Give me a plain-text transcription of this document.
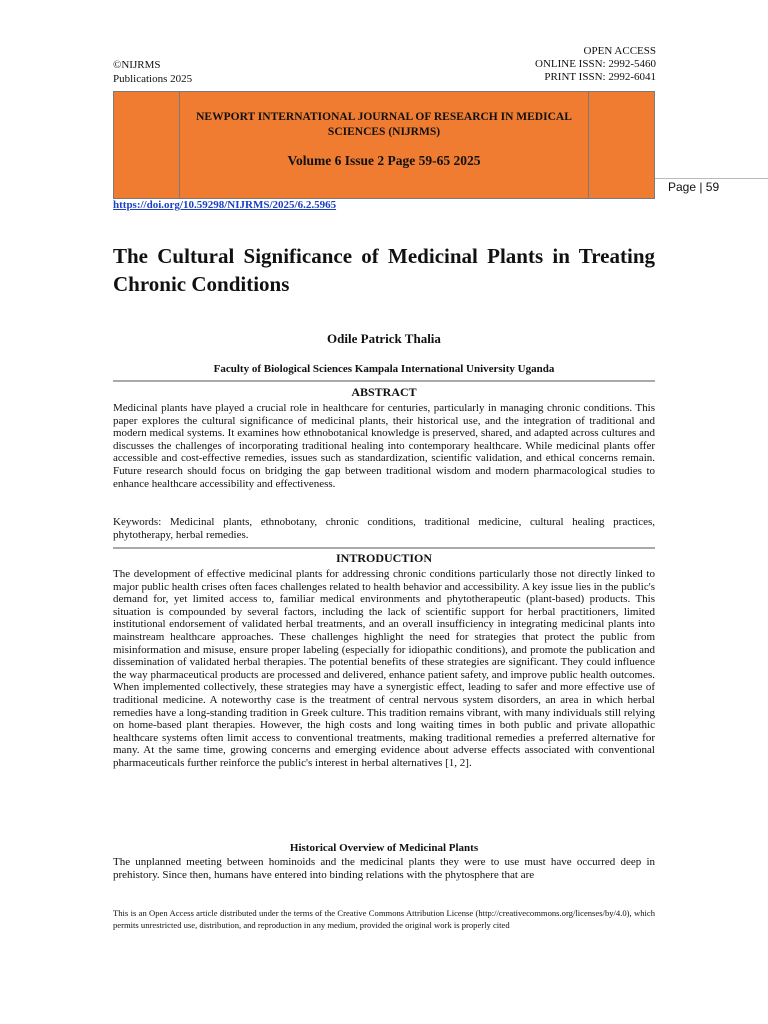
©NIJRMS
Publications 2025
OPEN ACCESS
ONLINE ISSN: 2992-5460
PRINT ISSN: 2992-6041
NEWPORT INTERNATIONAL JOURNAL OF RESEARCH IN MEDICAL SCIENCES (NIJRMS)
Volume 6 Issue 2 Page 59-65 2025
Page | 59
https://doi.org/10.59298/NIJRMS/2025/6.2.5965
The Cultural Significance of Medicinal Plants in Treating Chronic Conditions
Odile Patrick Thalia
Faculty of Biological Sciences Kampala International University Uganda
ABSTRACT

Medicinal plants have played a crucial role in healthcare for centuries, particularly in managing chronic conditions. This paper explores the cultural significance of medicinal plants, their historical use, and the integration of traditional and modern medical systems. It examines how ethnobotanical knowledge is preserved, shared, and adapted across cultures and discusses the challenges of incorporating traditional healing into contemporary healthcare. While medicinal plants offer accessible and cost-effective remedies, issues such as standardization, scientific validation, and ethical concerns remain. Future research should focus on bridging the gap between traditional wisdom and modern pharmacological studies to enhance healthcare accessibility and effectiveness.

Keywords: Medicinal plants, ethnobotany, chronic conditions, traditional medicine, cultural healing practices, phytotherapy, herbal remedies.

INTRODUCTION

The development of effective medicinal plants for addressing chronic conditions particularly those not directly linked to major public health crises often faces challenges related to health behavior and accessibility. A key issue lies in the public's demand for, yet limited access to, familiar medical environments and phytotherapeutic (plant-based) products. This situation is compounded by several factors, including the lack of scientific support for herbal practitioners, limited institutional endorsement of validated herbal treatments, and an overall insufficiency in integrating medicinal plants into mainstream healthcare approaches. These challenges highlight the need for strategies that protect the public from misinformation and misuse, ensure proper labeling (especially for idiopathic conditions), and promote the publication and dissemination of validated herbal therapies. The potential benefits of these strategies are significant. They could influence the way pharmaceutical products are processed and delivered, enhance patient safety, and improve public health outcomes. When implemented collectively, these strategies may have a synergistic effect, leading to safer and more effective use of traditional medicine. A noteworthy case is the treatment of central nervous system disorders, an area in which herbal remedies have a long-standing tradition in Greek culture. This tradition remains vibrant, with many individuals still relying on home-based plant therapies. However, the high costs and long waiting times in both public and private allopathic healthcare systems often limit access to conventional treatments, making traditional remedies a preferred alternative for many. At the same time, growing concerns and emerging evidence about adverse effects associated with conventional pharmaceuticals further reinforce the public's interest in herbal alternatives [1, 2].

Historical Overview of Medicinal Plants

The unplanned meeting between hominoids and the medicinal plants they were to use must have occurred deep in prehistory. Since then, humans have entered into binding relations with the phytosphere that are

This is an Open Access article distributed under the terms of the Creative Commons Attribution License (http://creativecommons.org/licenses/by/4.0), which permits unrestricted use, distribution, and reproduction in any medium, provided the original work is properly cited
